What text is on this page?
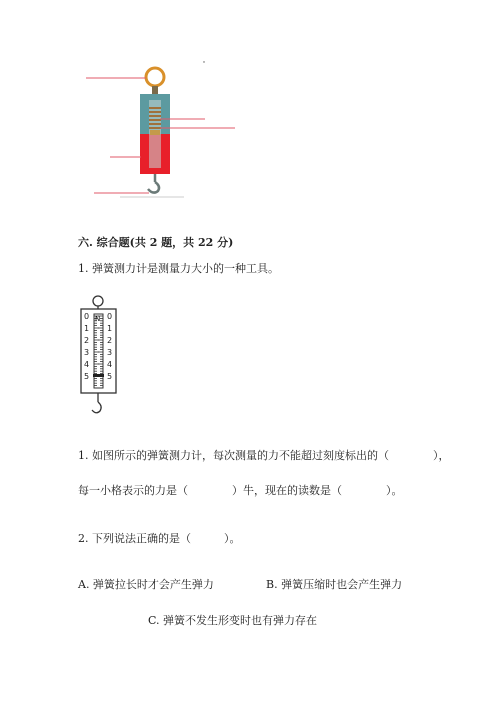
六. 综合题(共 2 题，共 22 分)
1. 弹簧测力计是测量力大小的一种工具。
0
1
2
3
4
5
0
1
2
3
4
5
N
1. 如图所示的弹簧测力计，每次测量的力不能超过刻度标出的（　　　　），
每一小格表示的力是（　　　　）牛，现在的读数是（　　　　）。
2. 下列说法正确的是（　　　）。
A. 弹簧拉长时才会产生弹力	B. 弹簧压缩时也会产生弹力
C. 弹簧不发生形变时也有弹力存在
